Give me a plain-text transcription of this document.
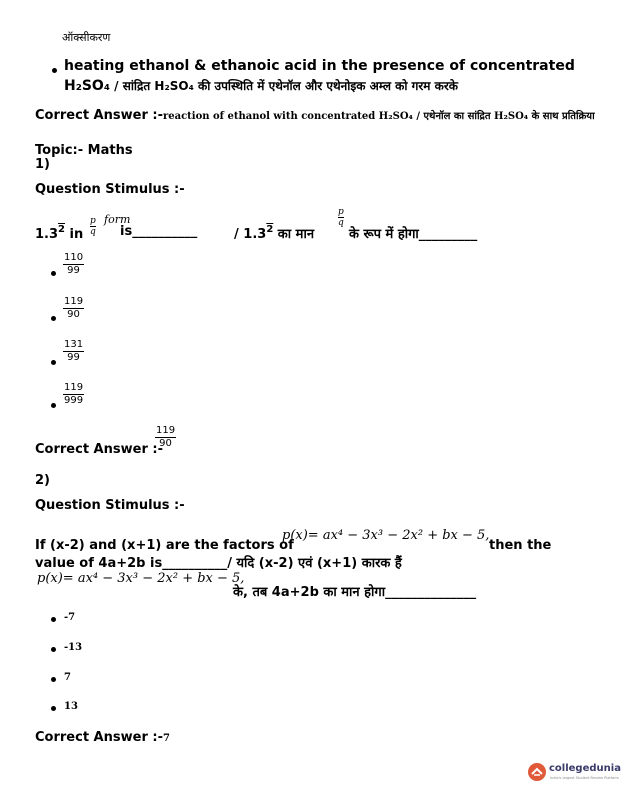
ऑक्सीकरण
heating ethanol & ethanoic acid in the presence of concentrated
H₂SO₄ / सांद्रित H₂SO₄ की उपस्थिति में एथेनॉल और एथेनोइक अम्ल को गरम करके
Correct Answer :-reaction of ethanol with concentrated H₂SO₄ / एथेनॉल का सांद्रित H₂SO₄ के साथ प्रतिक्रिया
Topic:- Maths
1)
Question Stimulus :-
$1.3^2$ in
p
q
form
is__________	/ $1.3^2$ का मान
p
q
के रूप में होगा_________
$\frac{110}{99}$
$\frac{119}{90}$
$\frac{131}{99}$
$\frac{119}{999}$
Correct Answer :-
$\frac{119}{90}$
2)
Question Stimulus :-
If (x-2) and (x+1) are the factors of
p(x)= ax⁴ − 3x³ − 2x² + bx − 5,
then the
value of 4a+2b is__________/ यदि (x-2) एवं (x+1) कारक हैं
p(x)= ax⁴ − 3x³ − 2x² + bx − 5,
के, तब 4a+2b का मान होगा______________
-7
-13
7
13
Correct Answer :-7
collegedunia
India's largest Student Review Platform
